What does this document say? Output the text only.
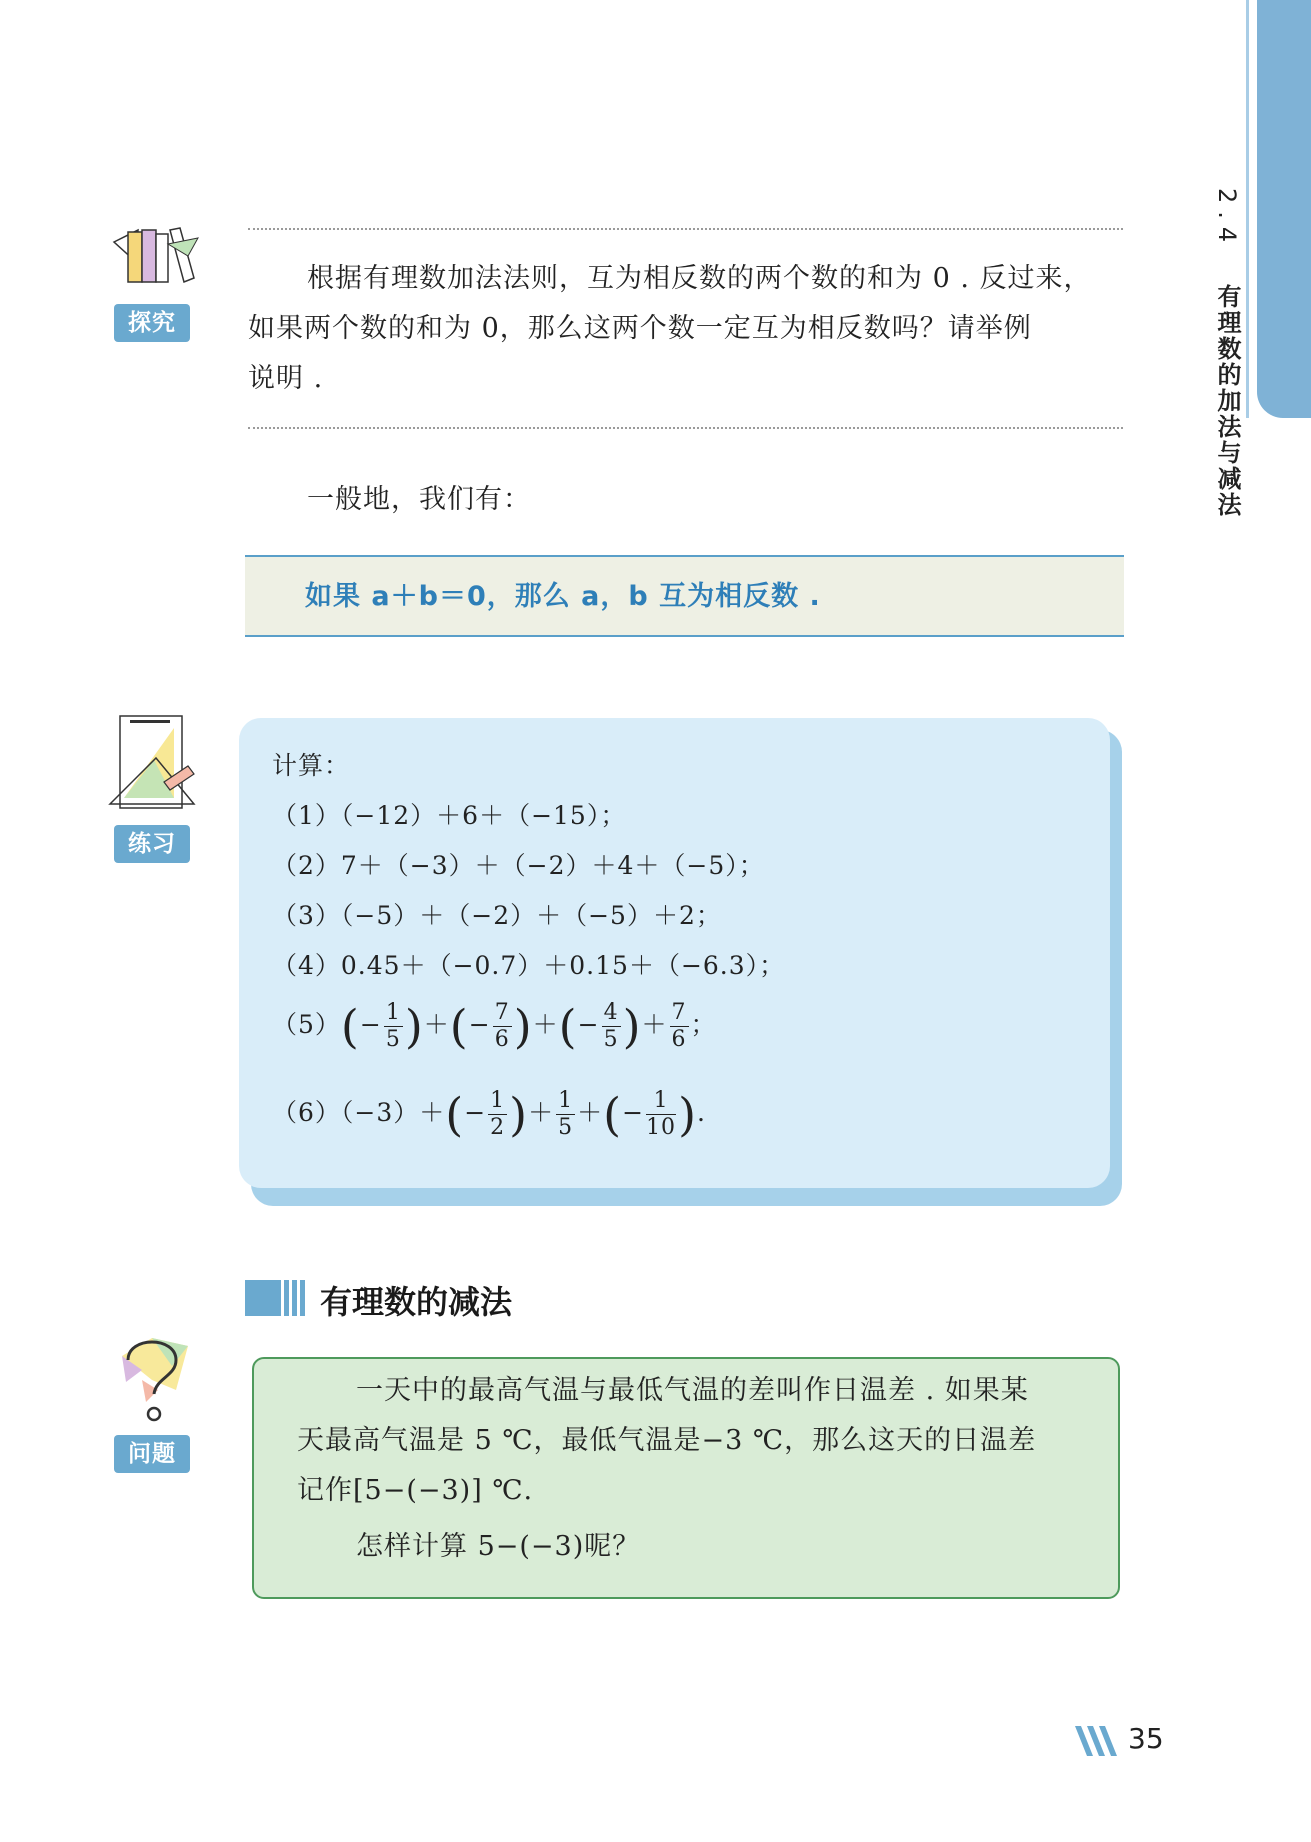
2.4 有理数的加法与减法
探究
根据有理数加法法则，互为相反数的两个数的和为 0 . 反过来，
如果两个数的和为 0，那么这两个数一定互为相反数吗？请举例
说明 .
一般地，我们有：
如果 a＋b＝0，那么 a，b 互为相反数 .
练习
计算：
（1）（−12）＋6＋（−15）；
（2）7＋（−3）＋（−2）＋4＋（−5）；
（3）（−5）＋（−2）＋（−5）＋2；
（4）0.45＋（−0.7）＋0.15＋（−6.3）；
$(5)(- \frac{1}{5}$ )＋(− $\frac{7}{6}$ )＋(− $\frac{4}{5}$ )＋ $\frac{7}{6}$ ；
$(6)(-3)+(- \frac{1}{2}$ )＋ $\frac{1}{5}$ ＋(− $\frac{1}{10}$ ).
有理数的减法
问题
一天中的最高气温与最低气温的差叫作日温差 . 如果某
天最高气温是 5 ℃，最低气温是−3 ℃，那么这天的日温差
记作[5−(−3)] ℃.
怎样计算 5−(−3)呢？
35
